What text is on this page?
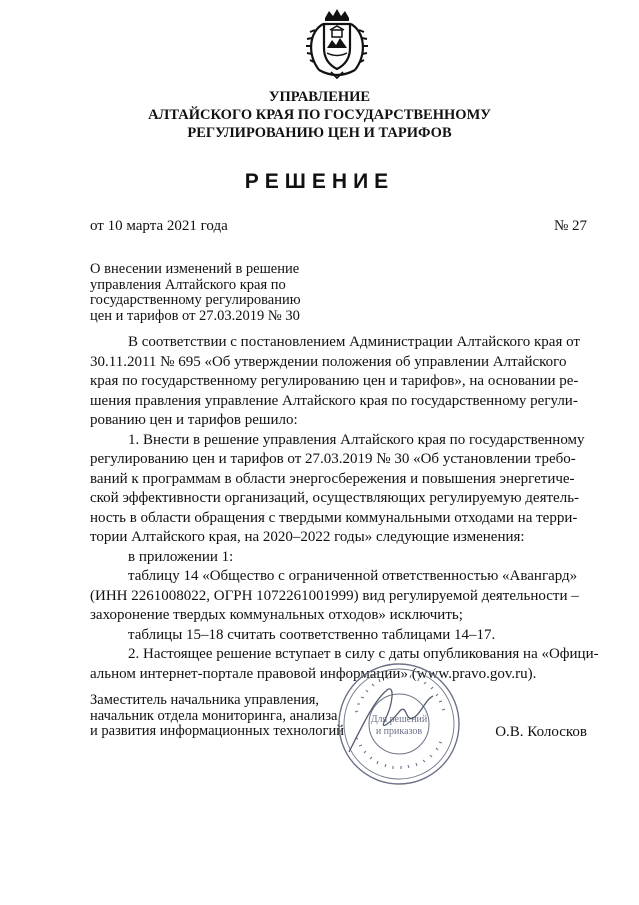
УПРАВЛЕНИЕ
АЛТАЙСКОГО КРАЯ ПО ГОСУДАРСТВЕННОМУ
РЕГУЛИРОВАНИЮ ЦЕН И ТАРИФОВ
РЕШЕНИЕ
от 10 марта 2021 года	№ 27
О внесении изменений в решение
управления Алтайского края по
государственному регулированию
цен и тарифов от 27.03.2019 № 30
В соответствии с постановлением Администрации Алтайского края от
30.11.2011 № 695 «Об утверждении положения об управлении Алтайского
края по государственному регулированию цен и тарифов», на основании ре-
шения правления управление Алтайского края по государственному регули-
рованию цен и тарифов решило:
1. Внести в решение управления Алтайского края по государственному
регулированию цен и тарифов от 27.03.2019 № 30 «Об установлении требо-
ваний к программам в области энергосбережения и повышения энергетиче-
ской эффективности организаций, осуществляющих регулируемую деятель-
ность в области обращения с твердыми коммунальными отходами на терри-
тории Алтайского края, на 2020–2022 годы» следующие изменения:
в приложении 1:
таблицу 14 «Общество с ограниченной ответственностью «Авангард»
(ИНН 2261008022, ОГРН 1072261001999) вид регулируемой деятельности –
захоронение твердых коммунальных отходов» исключить;
таблицы 15–18 считать соответственно таблицами 14–17.
2. Настоящее решение вступает в силу с даты опубликования на «Офици-
альном интернет-портале правовой информации» (www.pravo.gov.ru).
Заместитель начальника управления,
начальник отдела мониторинга, анализа
и развития информационных технологий	О.В. Колосков
Для решений
и приказов
